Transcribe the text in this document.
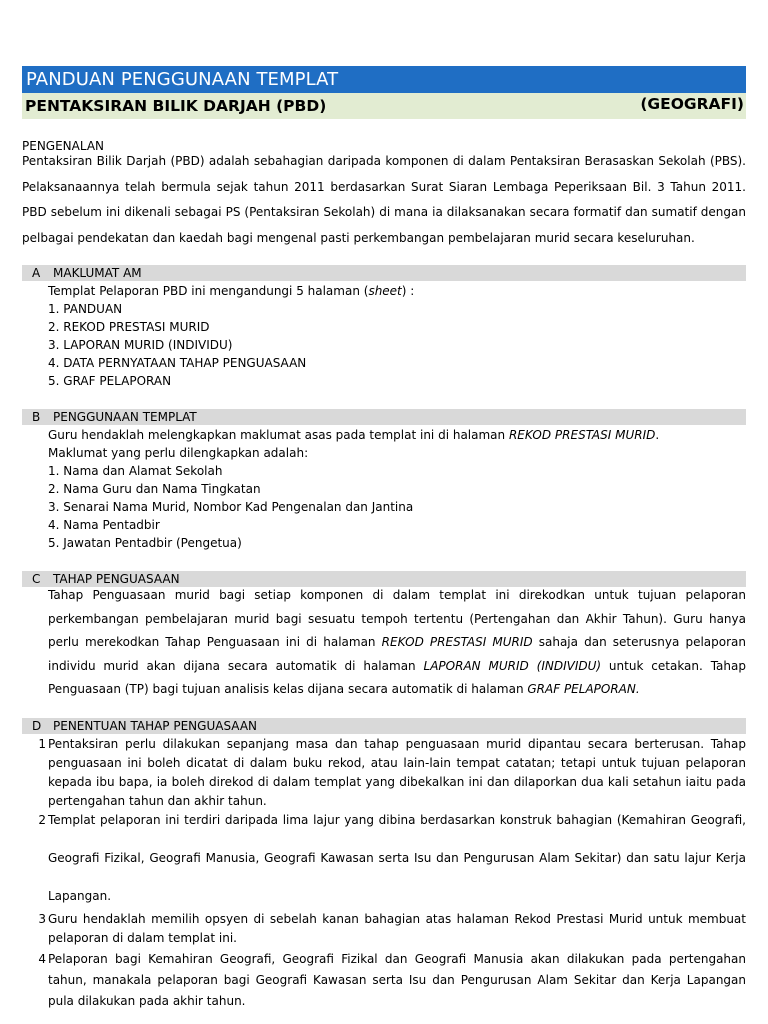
PANDUAN PENGGUNAAN TEMPLAT
PENTAKSIRAN BILIK DARJAH (PBD)	(GEOGRAFI)
PENGENALAN
Pentaksiran Bilik Darjah (PBD) adalah sebahagian daripada komponen di dalam Pentaksiran Berasaskan Sekolah (PBS). Pelaksanaannya telah bermula sejak tahun 2011 berdasarkan Surat Siaran Lembaga Peperiksaan Bil. 3 Tahun 2011. PBD sebelum ini dikenali sebagai PS (Pentaksiran Sekolah) di mana ia dilaksanakan secara formatif dan sumatif dengan pelbagai pendekatan dan kaedah bagi mengenal pasti perkembangan pembelajaran murid secara keseluruhan.
A MAKLUMAT AM
Templat Pelaporan PBD ini mengandungi 5 halaman (sheet) :
1. PANDUAN
2. REKOD PRESTASI MURID
3. LAPORAN MURID (INDIVIDU)
4. DATA PERNYATAAN TAHAP PENGUASAAN
5. GRAF PELAPORAN
B PENGGUNAAN TEMPLAT
Guru hendaklah melengkapkan maklumat asas pada templat ini di halaman REKOD PRESTASI MURID.
Maklumat yang perlu dilengkapkan adalah:
1. Nama dan Alamat Sekolah
2. Nama Guru dan Nama Tingkatan
3. Senarai Nama Murid, Nombor Kad Pengenalan dan Jantina
4. Nama Pentadbir
5. Jawatan Pentadbir (Pengetua)
C TAHAP PENGUASAAN
Tahap Penguasaan murid bagi setiap komponen di dalam templat ini direkodkan untuk tujuan pelaporan perkembangan pembelajaran murid bagi sesuatu tempoh tertentu (Pertengahan dan Akhir Tahun). Guru hanya perlu merekodkan Tahap Penguasaan ini di halaman REKOD PRESTASI MURID sahaja dan seterusnya pelaporan individu murid akan dijana secara automatik di halaman LAPORAN MURID (INDIVIDU) untuk cetakan. Tahap Penguasaan (TP) bagi tujuan analisis kelas dijana secara automatik di halaman GRAF PELAPORAN.
D PENENTUAN TAHAP PENGUASAAN
1 Pentaksiran perlu dilakukan sepanjang masa dan tahap penguasaan murid dipantau secara berterusan. Tahap penguasaan ini boleh dicatat di dalam buku rekod, atau lain-lain tempat catatan; tetapi untuk tujuan pelaporan kepada ibu bapa, ia boleh direkod di dalam templat yang dibekalkan ini dan dilaporkan dua kali setahun iaitu pada pertengahan tahun dan akhir tahun.
2 Templat pelaporan ini terdiri daripada lima lajur yang dibina berdasarkan konstruk bahagian (Kemahiran Geografi, Geografi Fizikal, Geografi Manusia, Geografi Kawasan serta Isu dan Pengurusan Alam Sekitar) dan satu lajur Kerja Lapangan.
3 Guru hendaklah memilih opsyen di sebelah kanan bahagian atas halaman Rekod Prestasi Murid untuk membuat pelaporan di dalam templat ini.
4 Pelaporan bagi Kemahiran Geografi, Geografi Fizikal dan Geografi Manusia akan dilakukan pada pertengahan tahun, manakala pelaporan bagi Geografi Kawasan serta Isu dan Pengurusan Alam Sekitar dan Kerja Lapangan pula dilakukan pada akhir tahun.
